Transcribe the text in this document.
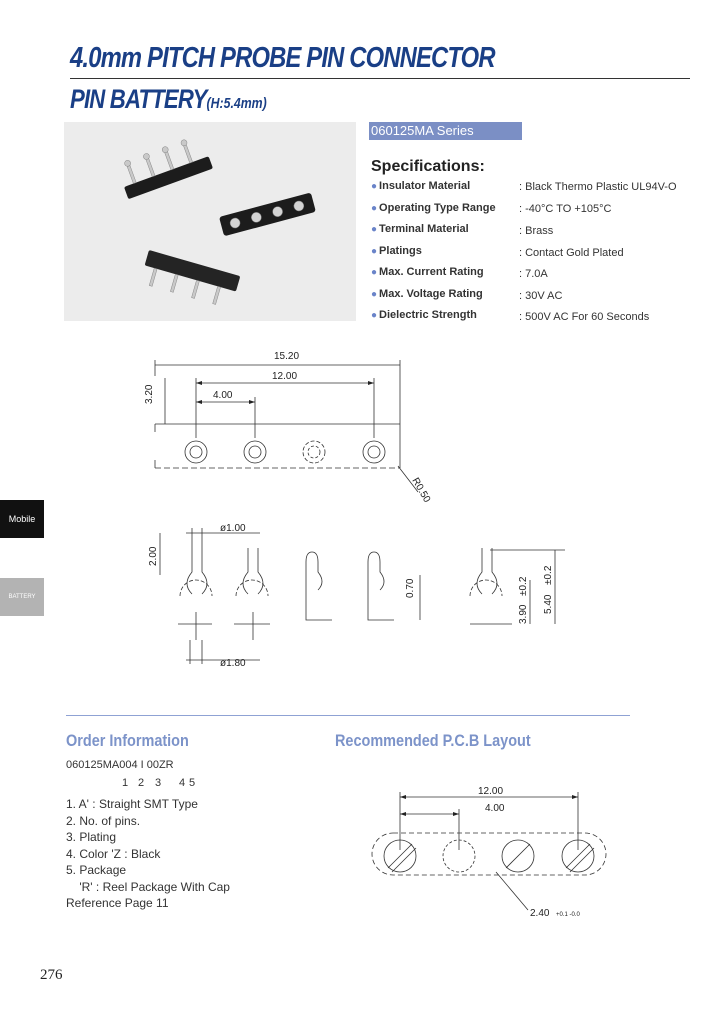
4.0mm PITCH PROBE PIN CONNECTOR
PIN BATTERY(H:5.4mm)
060125MA Series
Specifications:
● Insulator Material	: Black Thermo Plastic UL94V-O
● Operating Type Range : -40°C TO +105°C
● Terminal Material	: Brass
● Platings	: Contact Gold Plated
● Max. Current Rating	: 7.0A
● Max. Voltage Rating	: 30V AC
● Dielectric Strength	: 500V AC For 60 Seconds
Mobile
BATTERY
15.20
12.00
4.00
3.20
R0.50
ø1.00
ø1.80
2.00
0.70
3.90
±0.2
5.40
±0.2
12.00
4.00
2.40 +0.1 -0.0
Order Information	Recommended P.C.B Layout
060125MA004 I 00ZR
1 2 3 4 5
1. A' : Straight SMT Type
2. No. of pins.
3. Plating
4. Color 'Z : Black
5. Package
'R' : Reel Package With Cap
Reference Page 11
276
